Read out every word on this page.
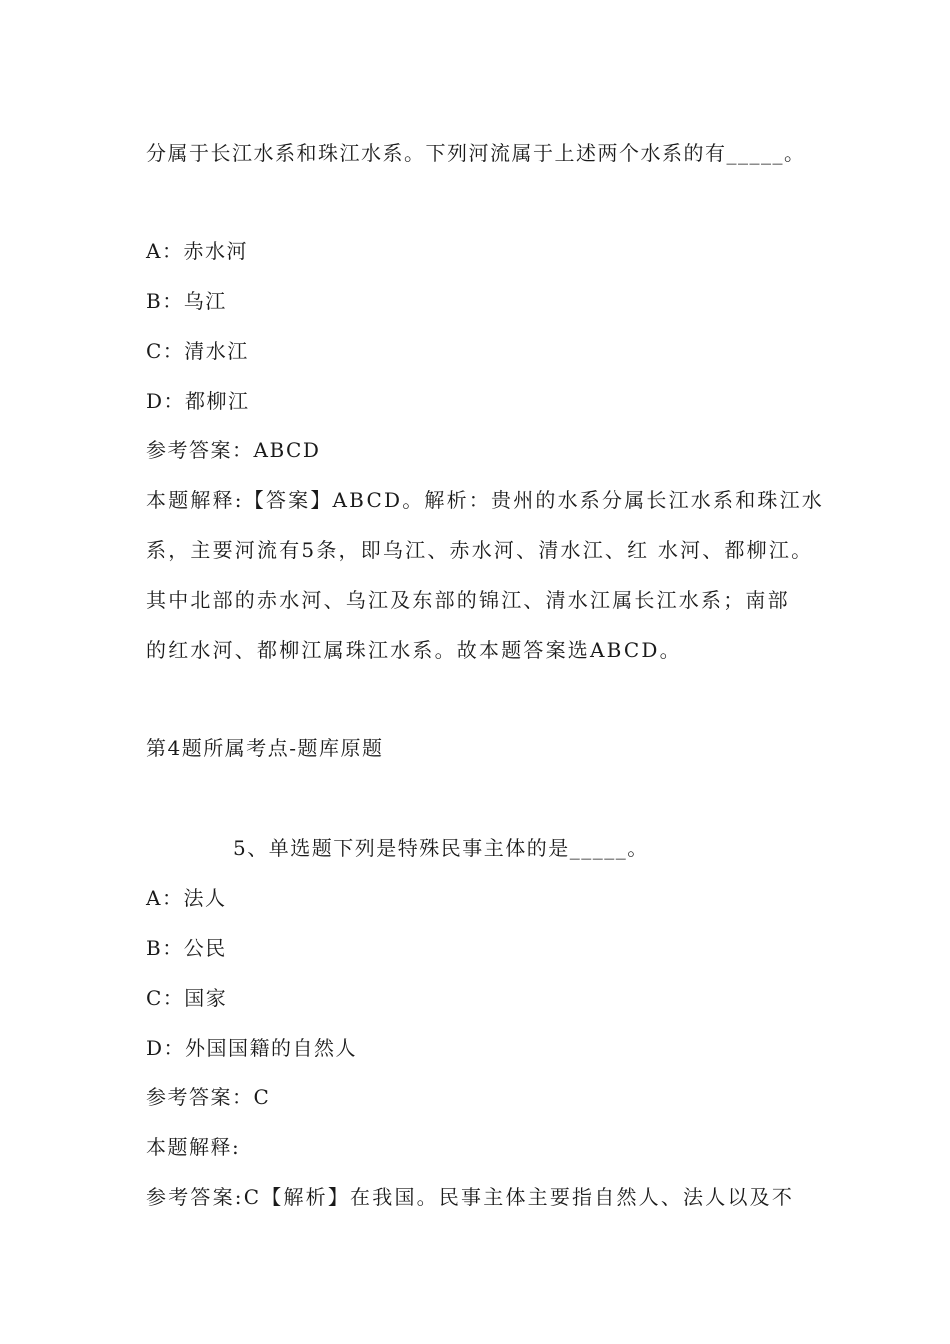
分属于长江水系和珠江水系。下列河流属于上述两个水系的有_____。
A：赤水河
B：乌江
C：清水江
D：都柳江
参考答案：ABCD
本题解释:【答案】ABCD。解析：贵州的水系分属长江水系和珠江水
系，主要河流有5条，即乌江、赤水河、清水江、红 水河、都柳江。
其中北部的赤水河、乌江及东部的锦江、清水江属长江水系；南部
的红水河、都柳江属珠江水系。故本题答案选ABCD。
第4题所属考点-题库原题
5、单选题下列是特殊民事主体的是_____。
A：法人
B：公民
C：国家
D：外国国籍的自然人
参考答案：C
本题解释:
参考答案:C【解析】在我国。民事主体主要指自然人、法人以及不
